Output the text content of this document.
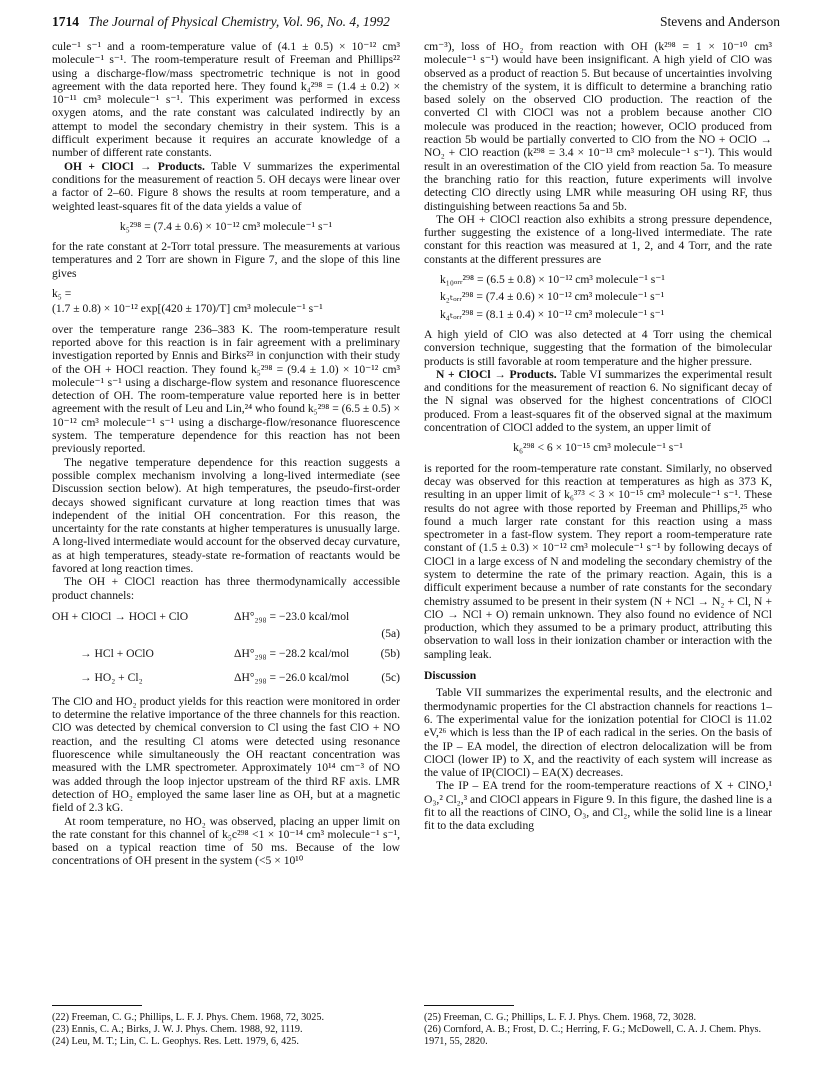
1714 The Journal of Physical Chemistry, Vol. 96, No. 4, 1992	Stevens and Anderson

cule⁻¹ s⁻¹ and a room-temperature value of (4.1 ± 0.5) × 10⁻¹² cm³ molecule⁻¹ s⁻¹. The room-temperature result of Freeman and Phillips²² using a discharge-flow/mass spectrometric technique is not in good agreement with the data reported here. They found k₄²⁹⁸ = (1.4 ± 0.2) × 10⁻¹¹ cm³ molecule⁻¹ s⁻¹. This experiment was performed in excess oxygen atoms, and the rate constant was calculated indirectly by an attempt to model the secondary chemistry in their system. This is a difficult experiment because it requires an accurate knowledge of a number of different rate constants.

OH + ClOCl → Products. Table V summarizes the experimental conditions for the measurement of reaction 5. OH decays were linear over a factor of 2–60. Figure 8 shows the results at room temperature, and a weighted least-squares fit of the data yields a value of

k₅²⁹⁸ = (7.4 ± 0.6) × 10⁻¹² cm³ molecule⁻¹ s⁻¹

for the rate constant at 2-Torr total pressure. The measurements at various temperatures and 2 Torr are shown in Figure 7, and the slope of this line gives

k₅ =
(1.7 ± 0.8) × 10⁻¹² exp[(420 ± 170)/T] cm³ molecule⁻¹ s⁻¹

over the temperature range 236–383 K. The room-temperature result reported above for this reaction is in fair agreement with a preliminary investigation reported by Ennis and Birks²³ in conjunction with their study of the OH + HOCl reaction. They found k₅²⁹⁸ = (9.4 ± 1.0) × 10⁻¹² cm³ molecule⁻¹ s⁻¹ using a discharge-flow system and resonance fluorescence detection of OH. The room-temperature value reported here is in better agreement with the result of Leu and Lin,²⁴ who found k₅²⁹⁸ = (6.5 ± 0.5) × 10⁻¹² cm³ molecule⁻¹ s⁻¹ using a discharge-flow/resonance fluorescence system. The temperature dependence for this reaction has not been previously reported.

The negative temperature dependence for this reaction suggests a possible complex mechanism involving a long-lived intermediate (see Discussion section below). At high temperatures, the pseudo-first-order decays showed significant curvature at long reaction times that was independent of the initial OH concentration. For this reason, the uncertainty for the rate constants at higher temperatures is unusually large. A long-lived intermediate would account for the observed decay curvature, as at high temperatures, steady-state re-formation of reactants would be favored at long reaction times.

The OH + ClOCl reaction has three thermodynamically accessible product channels:

OH + ClOCl → HOCl + ClO	ΔH°₂₉₈ = −23.0 kcal/mol
(5a)
→ HCl + OClO	ΔH°₂₉₈ = −28.2 kcal/mol	(5b)
→ HO₂ + Cl₂	ΔH°₂₉₈ = −26.0 kcal/mol	(5c)

The ClO and HO₂ product yields for this reaction were monitored in order to determine the relative importance of the three channels for this reaction. ClO was detected by chemical conversion to Cl using the fast ClO + NO reaction, and the resulting Cl atoms were detected using resonance fluorescence while simultaneously the OH reactant concentration was measured with the LMR spectrometer. Approximately 10¹⁴ cm⁻³ of NO was added through the loop injector upstream of the third RF axis. LMR detection of HO₂ employed the same laser line as OH, but at a magnetic field of 2.3 kG.

At room temperature, no HO₂ was observed, placing an upper limit on the rate constant for this channel of k₅c²⁹⁸ <1 × 10⁻¹⁴ cm³ molecule⁻¹ s⁻¹, based on a typical reaction time of 50 ms. Because of the low concentrations of OH present in the system (<5 × 10¹⁰

cm⁻³), loss of HO₂ from reaction with OH (k²⁹⁸ = 1 × 10⁻¹⁰ cm³ molecule⁻¹ s⁻¹) would have been insignificant. A high yield of ClO was observed as a product of reaction 5. But because of uncertainties involving the chemistry of the system, it is difficult to determine a branching ratio based solely on the observed ClO production. The reaction of the converted Cl with ClOCl was not a problem because another ClO molecule was produced in the reaction; however, OClO produced from reaction 5b would be partially converted to ClO from the NO + OClO → NO₂ + ClO reaction (k²⁹⁸ = 3.4 × 10⁻¹³ cm³ molecule⁻¹ s⁻¹). This would result in an overestimation of the ClO yield from reaction 5a. To measure the branching ratio for this reaction, future experiments will involve detecting ClO directly using LMR while measuring OH using RF, thus distinguishing between reactions 5a and 5b.

The OH + ClOCl reaction also exhibits a strong pressure dependence, further suggesting the existence of a long-lived intermediate. The rate constant for this reaction was measured at 1, 2, and 4 Torr, and the rate constants at the different pressures are

k₁₀ₒᵣᵣ²⁹⁸ = (6.5 ± 0.8) × 10⁻¹² cm³ molecule⁻¹ s⁻¹
k₂ₜₒᵣᵣ²⁹⁸ = (7.4 ± 0.6) × 10⁻¹² cm³ molecule⁻¹ s⁻¹
k₄ₜₒᵣᵣ²⁹⁸ = (8.1 ± 0.4) × 10⁻¹² cm³ molecule⁻¹ s⁻¹

A high yield of ClO was also detected at 4 Torr using the chemical conversion technique, suggesting that the formation of the bimolecular products is still favorable at room temperature and the higher pressure.

N + ClOCl → Products. Table VI summarizes the experimental result and conditions for the measurement of reaction 6. No significant decay of the N signal was observed for the highest concentrations of ClOCl produced. From a least-squares fit of the observed signal at the maximum concentration of ClOCl added to the system, an upper limit of

k₆²⁹⁸ < 6 × 10⁻¹⁵ cm³ molecule⁻¹ s⁻¹

is reported for the room-temperature rate constant. Similarly, no observed decay was observed for this reaction at temperatures as high as 373 K, resulting in an upper limit of k₆³⁷³ < 3 × 10⁻¹⁵ cm³ molecule⁻¹ s⁻¹. These results do not agree with those reported by Freeman and Phillips,²⁵ who found a much larger rate constant for this reaction using a mass spectrometer in a fast-flow system. They report a room-temperature rate constant of (1.5 ± 0.3) × 10⁻¹² cm³ molecule⁻¹ s⁻¹ by following decays of ClOCl in a large excess of N and modeling the secondary chemistry of the system to determine the rate of the primary reaction. Again, this is a difficult experiment because a number of rate constants for the secondary chemistry assumed to be present in their system (N + NCl → N₂ + Cl, N + ClO → NCl + O) remain unknown. They also found no evidence of NCl production, which they assumed to be a primary product, attributing this observation to wall loss in their ionization chamber or interaction with the sampling leak.

Discussion

Table VII summarizes the experimental results, and the electronic and thermodynamic properties for the Cl abstraction channels for reactions 1–6. The experimental value for the ionization potential for ClOCl is 11.02 eV,²⁶ which is less than the IP of each radical in the series. On the basis of the IP – EA model, the direction of electron delocalization will be from ClOCl (lower IP) to X, and the reactivity of each system will increase as the value of IP(ClOCl) – EA(X) decreases.

The IP – EA trend for the room-temperature reactions of X + ClNO,¹ O₃,² Cl₂,³ and ClOCl appears in Figure 9. In this figure, the dashed line is a fit to all the reactions of ClNO, O₃, and Cl₂, while the solid line is a linear fit to the data excluding

(22) Freeman, C. G.; Phillips, L. F. J. Phys. Chem. 1968, 72, 3025.
(23) Ennis, C. A.; Birks, J. W. J. Phys. Chem. 1988, 92, 1119.
(24) Leu, M. T.; Lin, C. L. Geophys. Res. Lett. 1979, 6, 425.
(25) Freeman, C. G.; Phillips, L. F. J. Phys. Chem. 1968, 72, 3028.
(26) Cornford, A. B.; Frost, D. C.; Herring, F. G.; McDowell, C. A. J. Chem. Phys. 1971, 55, 2820.
